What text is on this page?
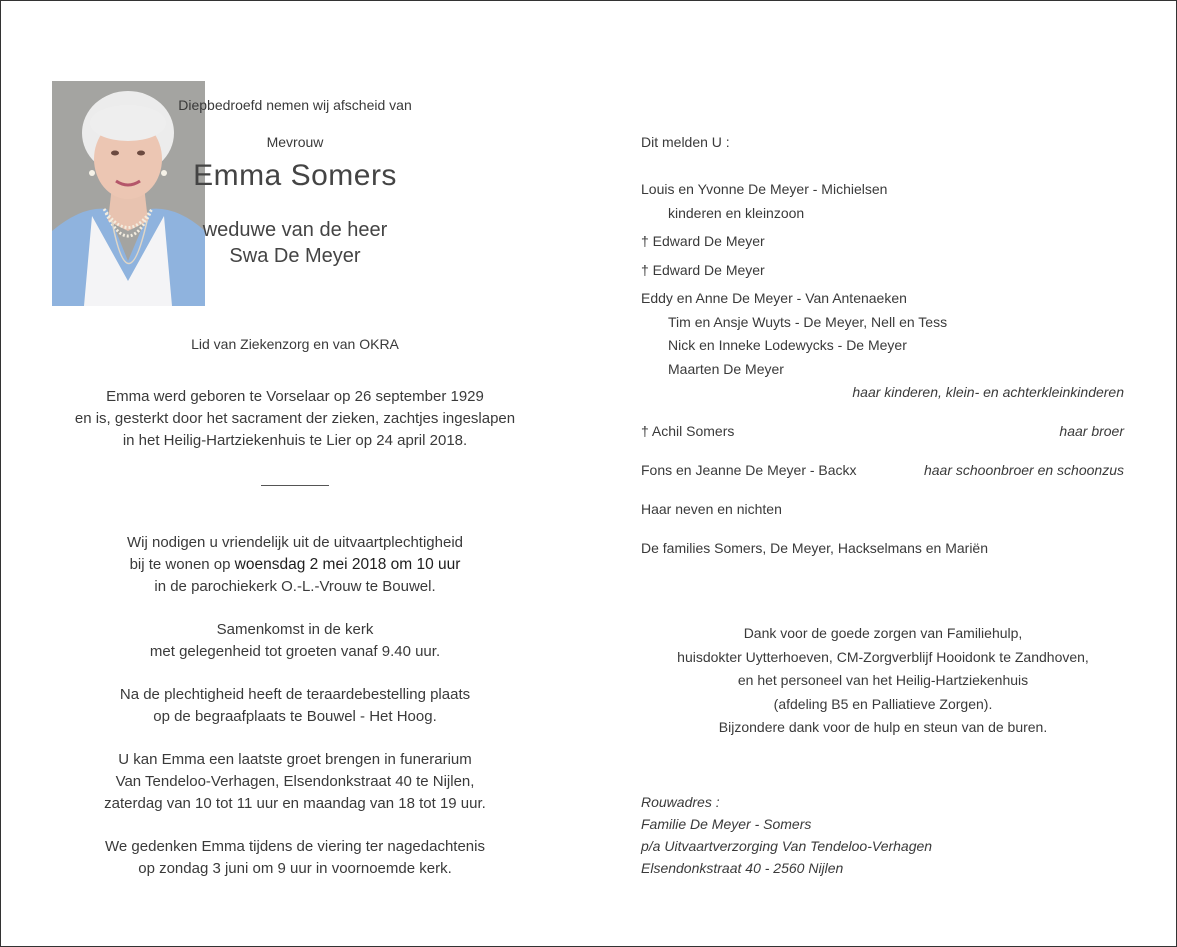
Diepbedroefd nemen wij afscheid van
Mevrouw
Emma Somers
weduwe van de heer
Swa De Meyer
Lid van Ziekenzorg en van OKRA
Emma werd geboren te Vorselaar op 26 september 1929
en is, gesterkt door het sacrament der zieken, zachtjes ingeslapen
in het Heilig-Hartziekenhuis te Lier op 24 april 2018.
Wij nodigen u vriendelijk uit de uitvaartplechtigheid
bij te wonen op woensdag 2 mei 2018 om 10 uur
in de parochiekerk O.-L.-Vrouw te Bouwel.
Samenkomst in de kerk
met gelegenheid tot groeten vanaf 9.40 uur.
Na de plechtigheid heeft de teraardebestelling plaats
op de begraafplaats te Bouwel - Het Hoog.
U kan Emma een laatste groet brengen in funerarium
Van Tendeloo-Verhagen, Elsendonkstraat 40 te Nijlen,
zaterdag van 10 tot 11 uur en maandag van 18 tot 19 uur.
We gedenken Emma tijdens de viering ter nagedachtenis
op zondag 3 juni om 9 uur in voornoemde kerk.
Dit melden U :
Louis en Yvonne De Meyer - Michielsen
kinderen en kleinzoon
† Edward De Meyer
† Edward De Meyer
Eddy en Anne De Meyer - Van Antenaeken
Tim en Ansje Wuyts - De Meyer, Nell en Tess
Nick en Inneke Lodewycks - De Meyer
Maarten De Meyer
haar kinderen, klein- en achterkleinkinderen
† Achil Somers	haar broer
Fons en Jeanne De Meyer - Backx	haar schoonbroer en schoonzus
Haar neven en nichten
De families Somers, De Meyer, Hackselmans en Mariën
Dank voor de goede zorgen van Familiehulp,
huisdokter Uytterhoeven, CM-Zorgverblijf Hooidonk te Zandhoven,
en het personeel van het Heilig-Hartziekenhuis
(afdeling B5 en Palliatieve Zorgen).
Bijzondere dank voor de hulp en steun van de buren.
Rouwadres :
Familie De Meyer - Somers
p/a Uitvaartverzorging Van Tendeloo-Verhagen
Elsendonkstraat 40 - 2560 Nijlen
